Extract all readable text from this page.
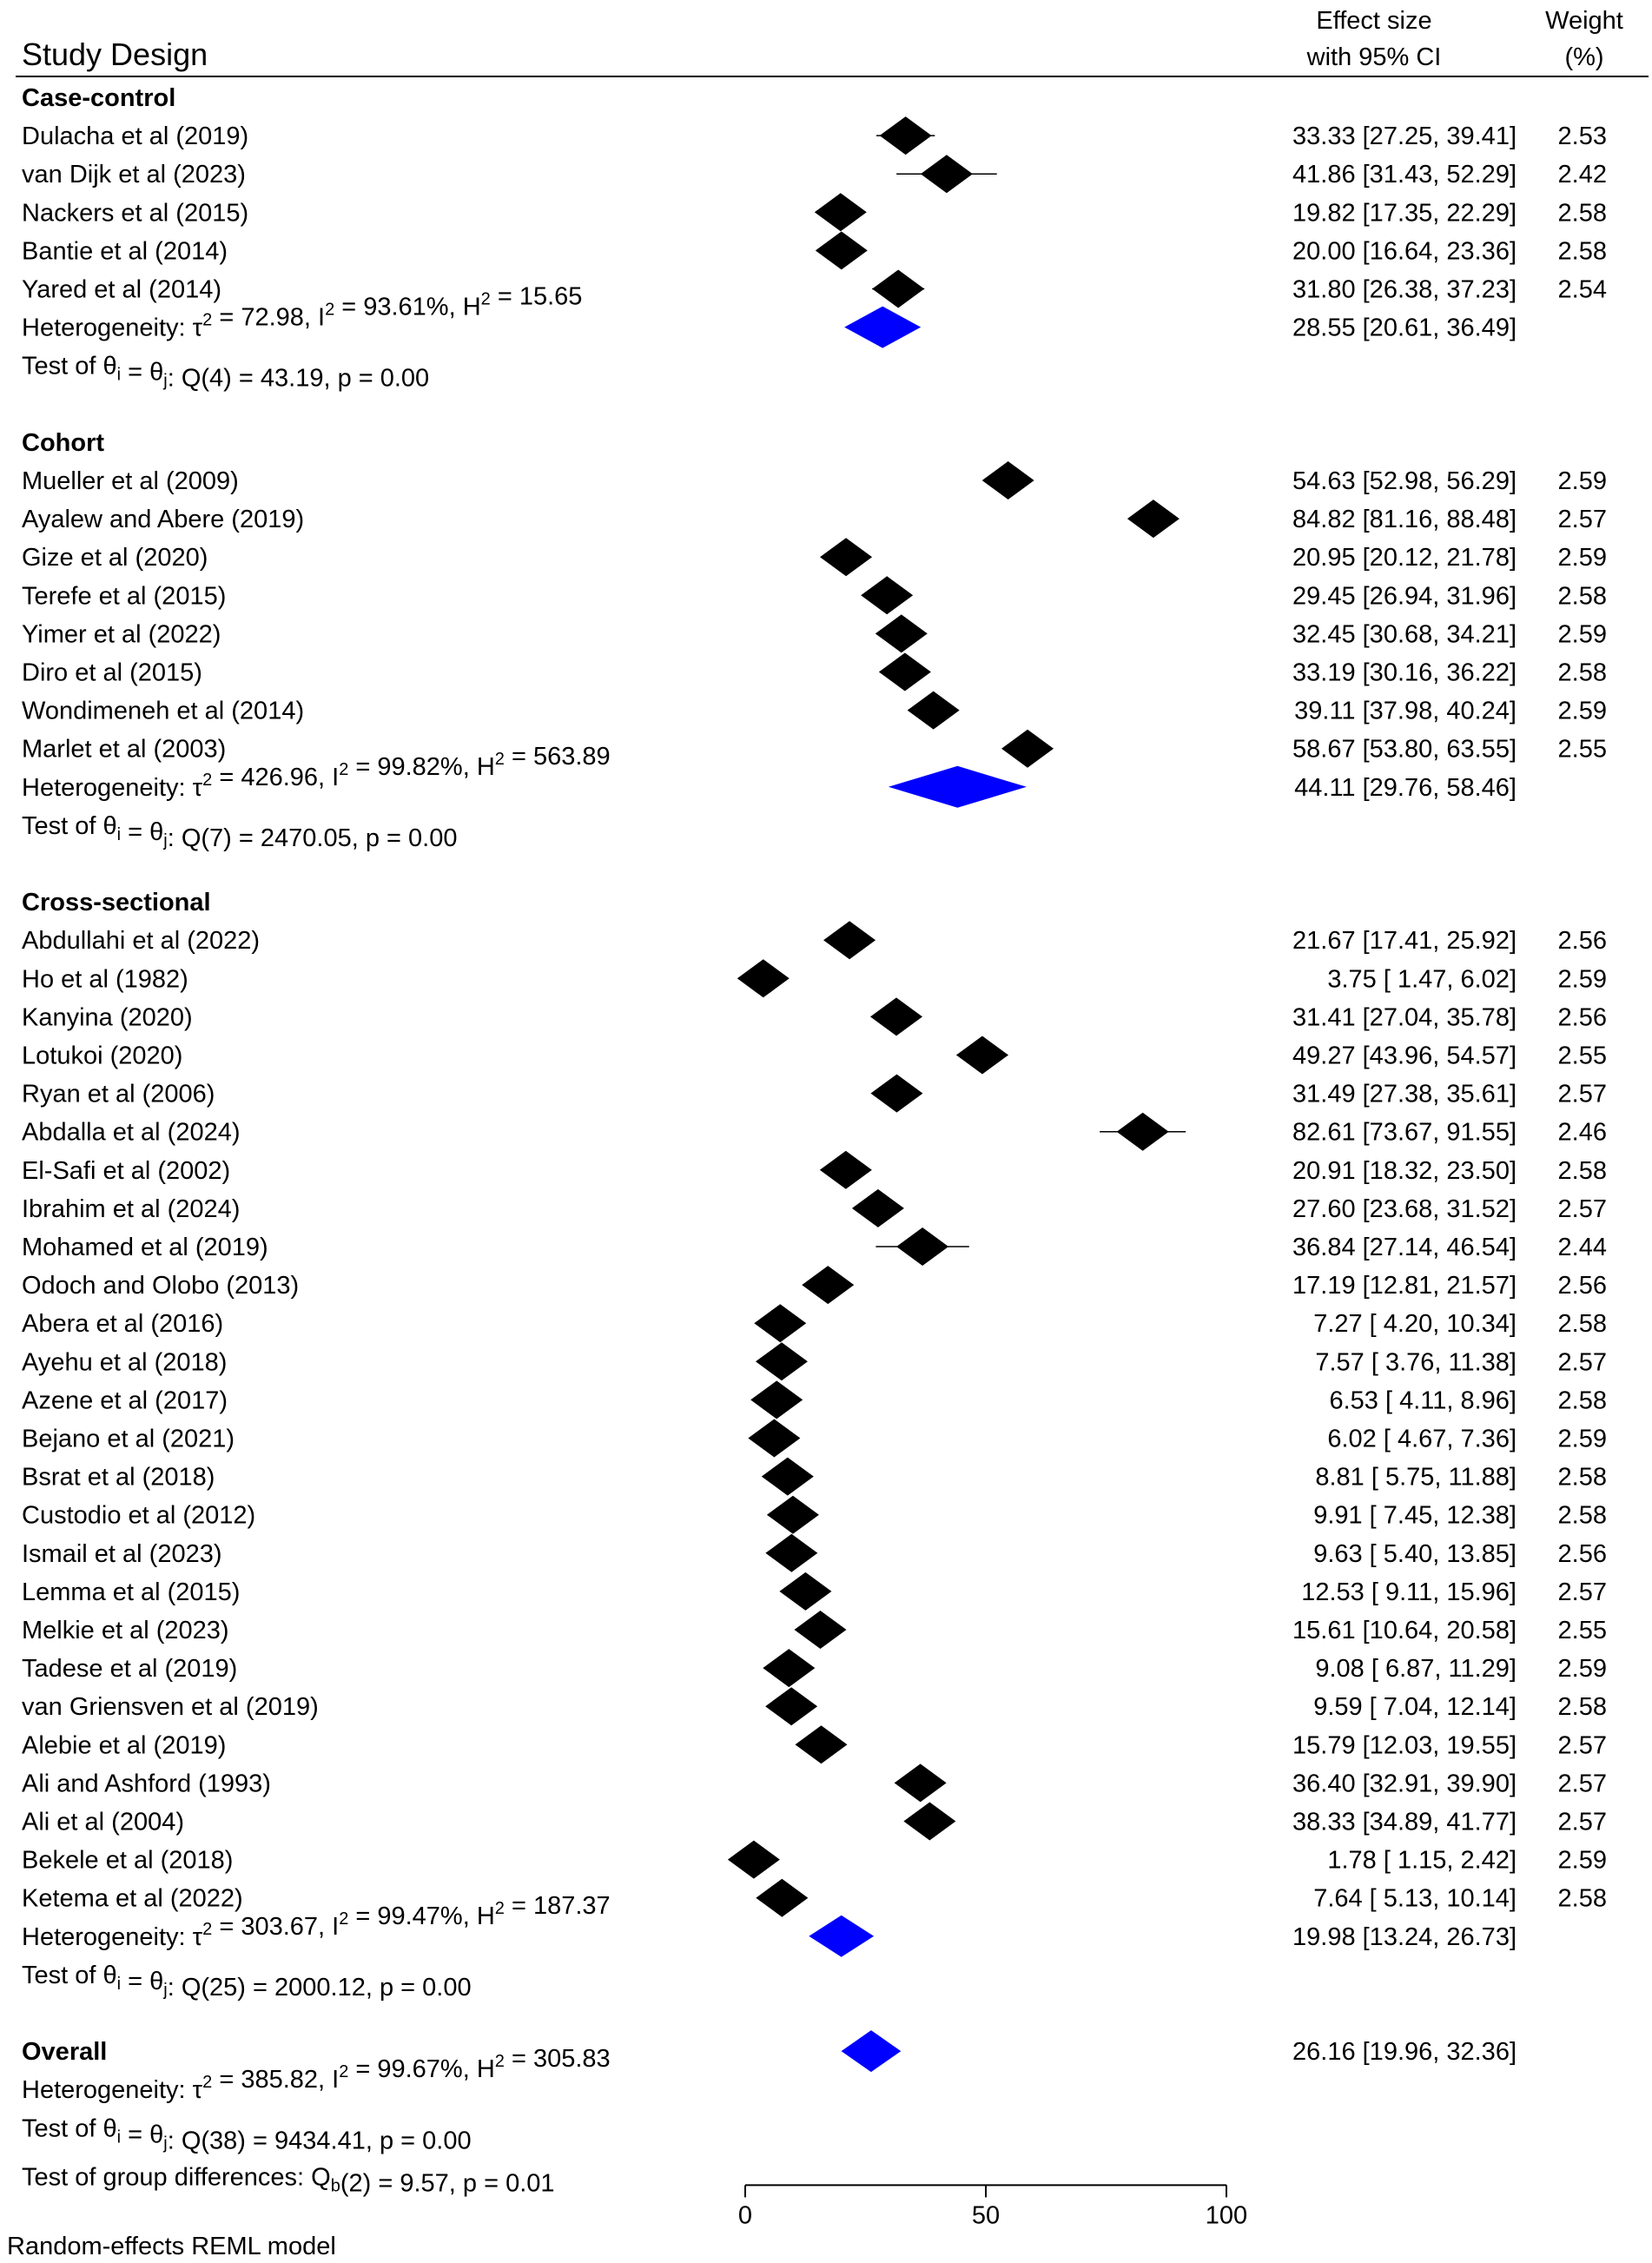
Study Design
Effect size
with 95% CI
Weight
(%)
Case-control
Dulacha et al (2019)	33.33 [27.25, 39.41] 2.53
van Dijk et al (2023)	41.86 [31.43, 52.29] 2.42
Nackers et al (2015)	19.82 [17.35, 22.29] 2.58
Bantie et al (2014)	20.00 [16.64, 23.36] 2.58
Yared et al (2014)	31.80 [26.38, 37.23] 2.54
Heterogeneity: $\tau^2 = 72.98$, $I^2 = 93.61\%$, $H^2 = 15.65$
28.55 [20.61, 36.49]
Test of $\theta_i = \theta_j$: Q(4) = 43.19, p = 0.00
Cohort
Mueller et al (2009)	54.63 [52.98, 56.29] 2.59
Ayalew and Abere (2019)	84.82 [81.16, 88.48] 2.57
Gize et al (2020)	20.95 [20.12, 21.78] 2.59
Terefe et al (2015)	29.45 [26.94, 31.96] 2.58
Yimer et al (2022)	32.45 [30.68, 34.21] 2.59
Diro et al (2015)	33.19 [30.16, 36.22] 2.58
Wondimeneh et al (2014)	39.11 [37.98, 40.24] 2.59
Marlet et al (2003)	58.67 [53.80, 63.55] 2.55
Heterogeneity: $\tau^2 = 426.96$, $I^2 = 99.82\%$, $H^2 = 563.89$
44.11 [29.76, 58.46]
Test of $\theta_i = \theta_j$: Q(7) = 2470.05, p = 0.00
Cross-sectional
Abdullahi et al (2022)	21.67 [17.41, 25.92] 2.56
Ho et al (1982)	3.75 [ 1.47, 6.02] 2.59
Kanyina (2020)	31.41 [27.04, 35.78] 2.56
Lotukoi (2020)	49.27 [43.96, 54.57] 2.55
Ryan et al (2006)	31.49 [27.38, 35.61] 2.57
Abdalla et al (2024)	82.61 [73.67, 91.55] 2.46
El-Safi et al (2002)	20.91 [18.32, 23.50] 2.58
Ibrahim et al (2024)	27.60 [23.68, 31.52] 2.57
Mohamed et al (2019)	36.84 [27.14, 46.54] 2.44
Odoch and Olobo (2013)	17.19 [12.81, 21.57] 2.56
Abera et al (2016)	7.27 [ 4.20, 10.34] 2.58
Ayehu et al (2018)	7.57 [ 3.76, 11.38] 2.57
Azene et al (2017)	6.53 [ 4.11, 8.96] 2.58
Bejano et al (2021)	6.02 [ 4.67, 7.36] 2.59
Bsrat et al (2018)	8.81 [ 5.75, 11.88] 2.58
Custodio et al (2012)	9.91 [ 7.45, 12.38] 2.58
Ismail et al (2023)	9.63 [ 5.40, 13.85] 2.56
Lemma et al (2015)	12.53 [ 9.11, 15.96] 2.57
Melkie et al (2023)	15.61 [10.64, 20.58] 2.55
Tadese et al (2019)	9.08 [ 6.87, 11.29] 2.59
van Griensven et al (2019)	9.59 [ 7.04, 12.14] 2.58
Alebie et al (2019)	15.79 [12.03, 19.55] 2.57
Ali and Ashford (1993)	36.40 [32.91, 39.90] 2.57
Ali et al (2004)	38.33 [34.89, 41.77] 2.57
Bekele et al (2018)	1.78 [ 1.15, 2.42] 2.59
Ketema et al (2022)	7.64 [ 5.13, 10.14] 2.58
Heterogeneity: $\tau^2 = 303.67$, $I^2 = 99.47\%$, $H^2 = 187.37$
19.98 [13.24, 26.73]
Test of $\theta_i = \theta_j$: Q(25) = 2000.12, p = 0.00
Overall	26.16 [19.96, 32.36]
Heterogeneity: $\tau^2 = 385.82$, $I^2 = 99.67\%$, $H^2 = 305.83$
Test of $\theta_i = \theta_j$: Q(38) = 9434.41, p = 0.00
Test of group differences: $Q_b(2) = 9.57$, p = 0.01
0	50	100
Random-effects REML model
